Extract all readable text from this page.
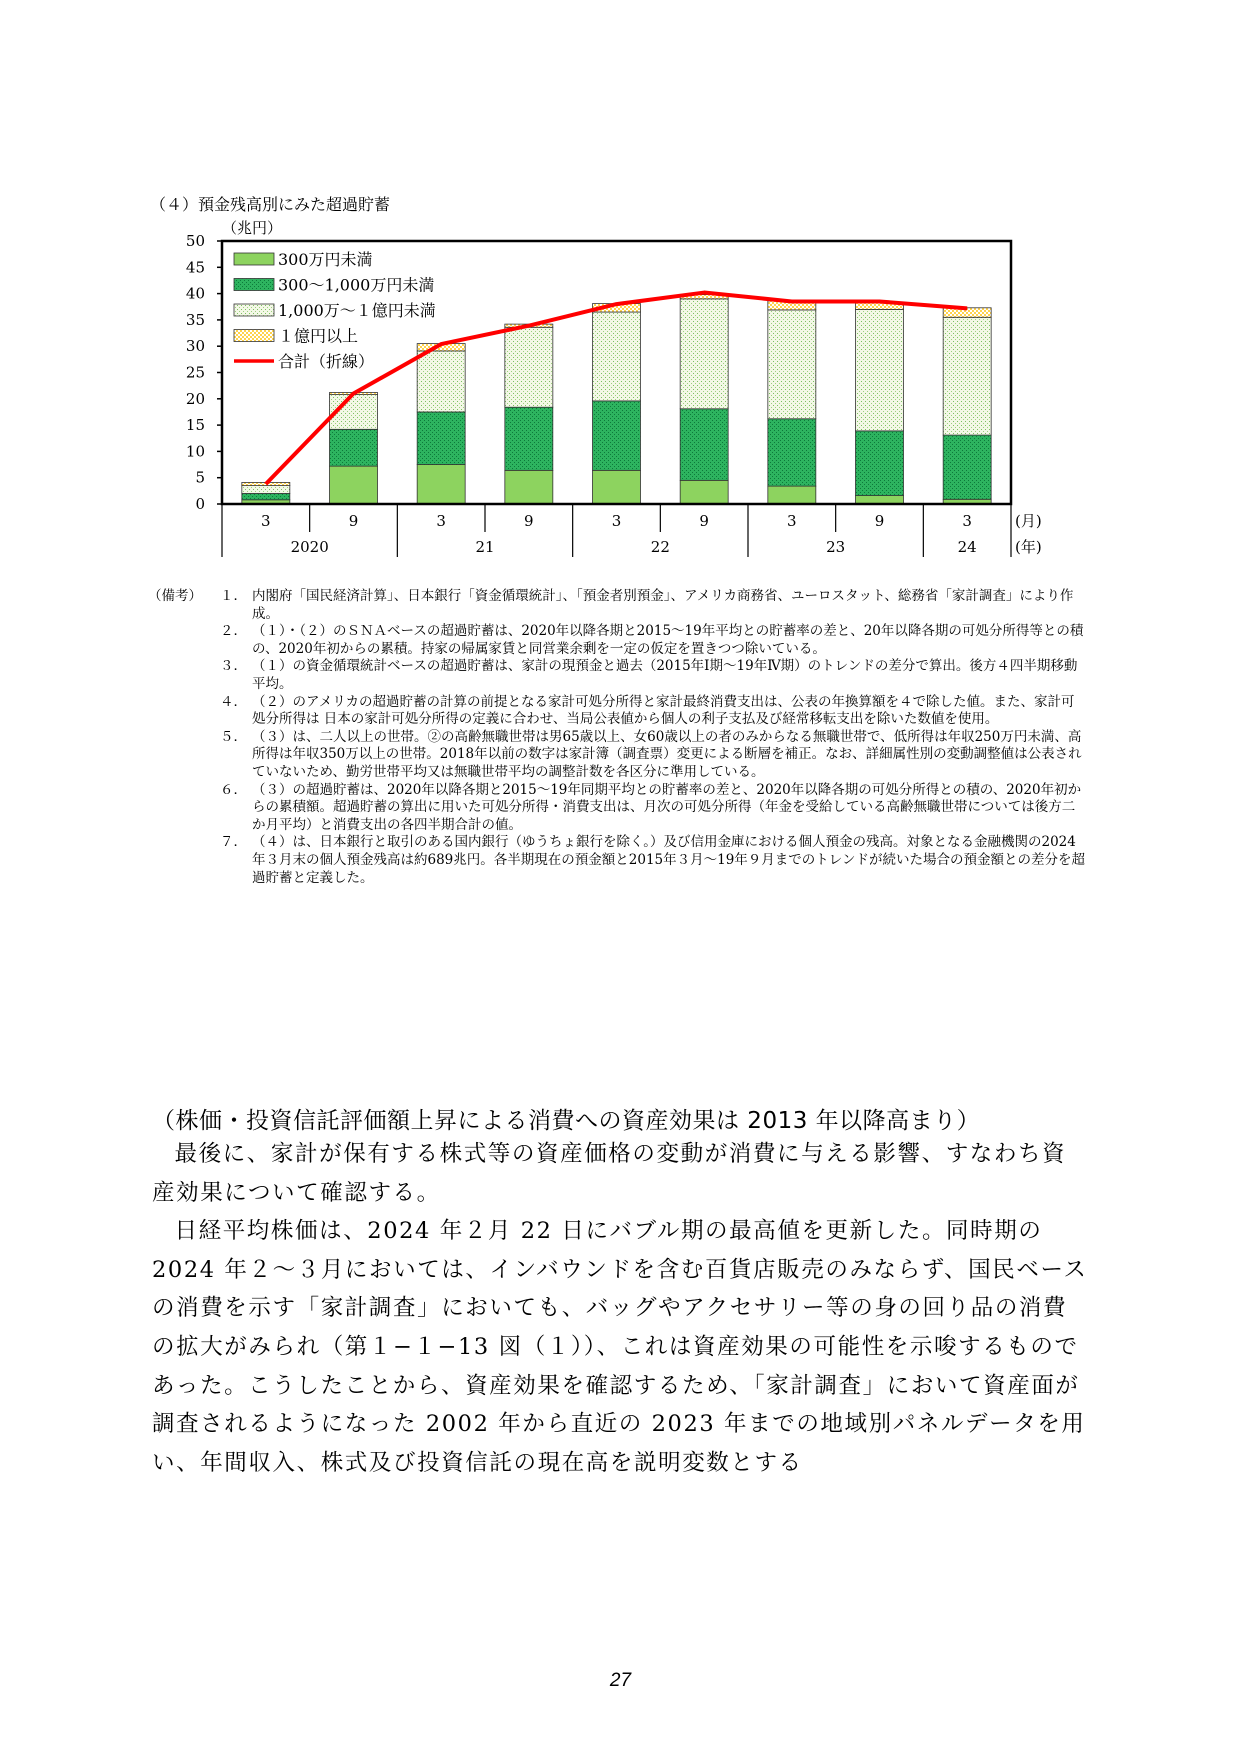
（４）預金残高別にみた超過貯蓄
（兆円）
0
5
10
15
20
25
30
35
40
45
50
300万円未満
300〜1,000万円未満
1,000万〜１億円未満
１億円以上
合計（折線）
3	9	3	9	3	9	3	9	3
2020	21	22	23	24
(月)
(年)
（備考） １． 内閣府「国民経済計算」、日本銀行「資金循環統計」、「預金者別預金」、アメリカ商務省、ユーロスタット、総務省「家計調査」により作成。
２． （１）・（２）のＳＮＡベースの超過貯蓄は、2020年以降各期と2015〜19年平均との貯蓄率の差と、20年以降各期の可処分所得等との積の、2020年初からの累積。持家の帰属家賃と同営業余剰を一定の仮定を置きつつ除いている。
３． （１）の資金循環統計ベースの超過貯蓄は、家計の現預金と過去（2015年Ⅰ期〜19年Ⅳ期）のトレンドの差分で算出。後方４四半期移動平均。
４． （２）のアメリカの超過貯蓄の計算の前提となる家計可処分所得と家計最終消費支出は、公表の年換算額を４で除した値。また、家計可処分所得は 日本の家計可処分所得の定義に合わせ、当局公表値から個人の利子支払及び経常移転支出を除いた数値を使用。
５． （３）は、二人以上の世帯。②の高齢無職世帯は男65歳以上、女60歳以上の者のみからなる無職世帯で、低所得は年収250万円未満、高所得は年収350万以上の世帯。2018年以前の数字は家計簿（調査票）変更による断層を補正。なお、詳細属性別の変動調整値は公表されていないため、勤労世帯平均又は無職世帯平均の調整計数を各区分に準用している。
６． （３）の超過貯蓄は、2020年以降各期と2015〜19年同期平均との貯蓄率の差と、2020年以降各期の可処分所得との積の、2020年初からの累積額。超過貯蓄の算出に用いた可処分所得・消費支出は、月次の可処分所得（年金を受給している高齢無職世帯については後方二か月平均）と消費支出の各四半期合計の値。
７． （４）は、日本銀行と取引のある国内銀行（ゆうちょ銀行を除く。）及び信用金庫における個人預金の残高。対象となる金融機関の2024年３月末の個人預金残高は約689兆円。各半期現在の預金額と2015年３月〜19年９月までのトレンドが続いた場合の預金額との差分を超過貯蓄と定義した。
（株価・投資信託評価額上昇による消費への資産効果は 2013 年以降高まり）

最後に、家計が保有する株式等の資産価格の変動が消費に与える影響、すなわち資産効果について確認する。

日経平均株価は、2024 年２月 22 日にバブル期の最高値を更新した。同時期の 2024 年２〜３月においては、インバウンドを含む百貨店販売のみならず、国民ベースの消費を示す「家計調査」においても、バッグやアクセサリー等の身の回り品の消費の拡大がみられ（第１−１−13 図（１））、これは資産効果の可能性を示唆するものであった。こうしたことから、資産効果を確認するため、「家計調査」において資産面が調査されるようになった 2002 年から直近の 2023 年までの地域別パネルデータを用い、年間収入、株式及び投資信託の現在高を説明変数とする

27
